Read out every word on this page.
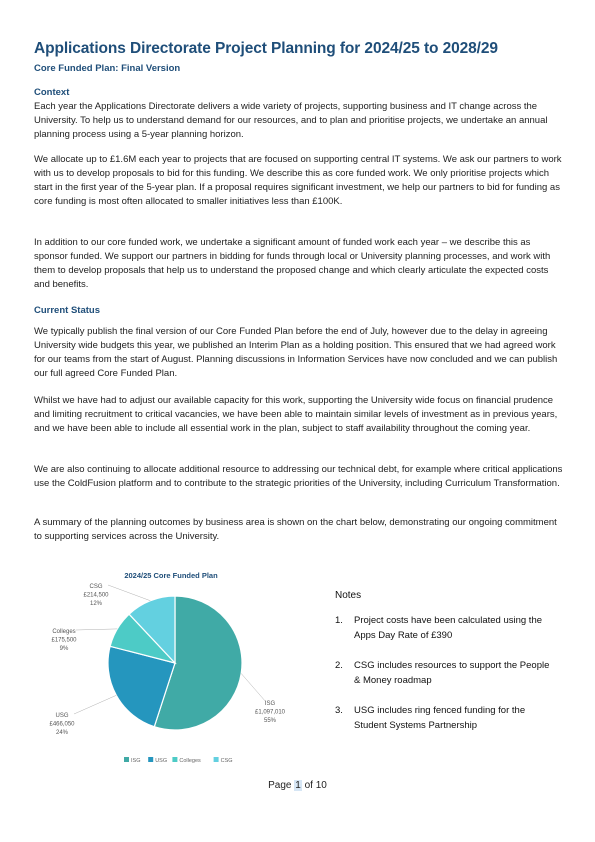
Applications Directorate Project Planning for 2024/25 to 2028/29
Core Funded Plan: Final Version
Context

Each year the Applications Directorate delivers a wide variety of projects, supporting business and IT change across the University. To help us to understand demand for our resources, and to plan and prioritise projects, we undertake an annual planning process using a 5-year planning horizon.

We allocate up to £1.6M each year to projects that are focused on supporting central IT systems. We ask our partners to work with us to develop proposals to bid for this funding. We describe this as core funded work. We only prioritise projects which start in the first year of the 5-year plan. If a proposal requires significant investment, we help our partners to bid for funding as core funding is most often allocated to smaller initiatives less than £100K.

In addition to our core funded work, we undertake a significant amount of funded work each year – we describe this as sponsor funded. We support our partners in bidding for funds through local or University planning processes, and work with them to develop proposals that help us to understand the proposed change and which clearly articulate the expected costs and benefits.

Current Status

We typically publish the final version of our Core Funded Plan before the end of July, however due to the delay in agreeing University wide budgets this year, we published an Interim Plan as a holding position. This ensured that we had agreed work for our teams from the start of August. Planning discussions in Information Services have now concluded and we can publish our full agreed Core Funded Plan.

Whilst we have had to adjust our available capacity for this work, supporting the University wide focus on financial prudence and limiting recruitment to critical vacancies, we have been able to maintain similar levels of investment as in previous years, and we have been able to include all essential work in the plan, subject to staff availability throughout the coming year.

We are also continuing to allocate additional resource to addressing our technical debt, for example where critical applications use the ColdFusion platform and to contribute to the strategic priorities of the University, including Curriculum Transformation.

A summary of the planning outcomes by business area is shown on the chart below, demonstrating our ongoing commitment to supporting services across the University.

2024/25 Core Funded Plan
ISG £1,097,010 55%
USG £466,050 24%
Colleges £175,500 9%
CSG £214,500 12%
ISG	USG Colleges	CSG
Notes
1.	Project costs have been calculated using the Apps Day Rate of £390
2.	CSG includes resources to support the People & Money roadmap
3.	USG includes ring fenced funding for the Student Systems Partnership
Page 1 of 10
